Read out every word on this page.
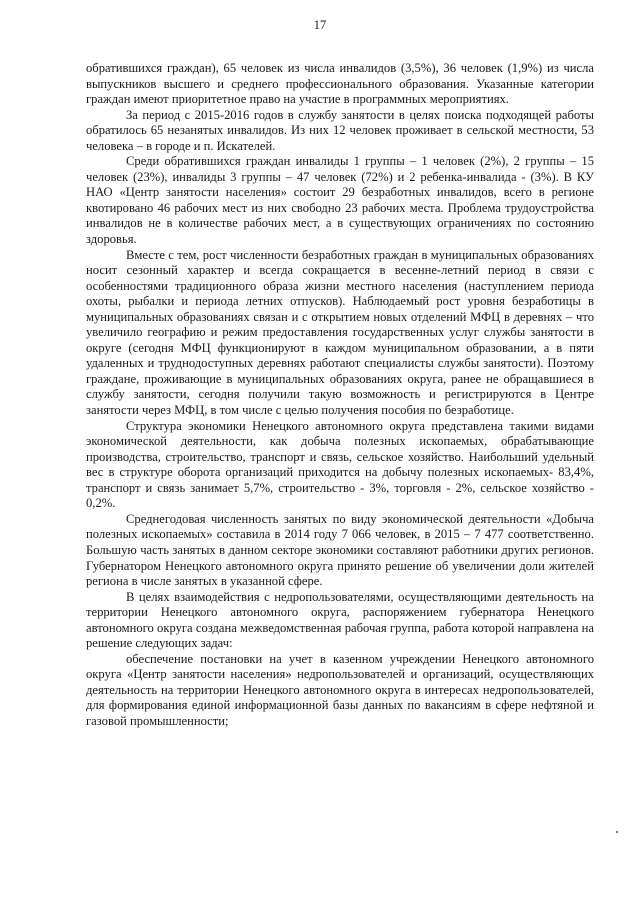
17

обратившихся граждан), 65 человек из числа инвалидов (3,5%), 36 человек (1,9%) из числа выпускников высшего и среднего профессионального образования. Указанные категории граждан имеют приоритетное право на участие в программных мероприятиях.

За период с 2015-2016 годов в службу занятости в целях поиска подходящей работы обратилось 65 незанятых инвалидов. Из них 12 человек проживает в сельской местности, 53 человека – в городе и п. Искателей.

Среди обратившихся граждан инвалиды 1 группы – 1 человек (2%), 2 группы – 15 человек (23%), инвалиды 3 группы – 47 человек (72%) и 2 ребенка-инвалида - (3%). В КУ НАО «Центр занятости населения» состоит 29 безработных инвалидов, всего в регионе квотировано 46 рабочих мест из них свободно 23 рабочих места. Проблема трудоустройства инвалидов не в количестве рабочих мест, а в существующих ограничениях по состоянию здоровья.

Вместе с тем, рост численности безработных граждан в муниципальных образованиях носит сезонный характер и всегда сокращается в весенне-летний период в связи с особенностями традиционного образа жизни местного населения (наступлением периода охоты, рыбалки и периода летних отпусков). Наблюдаемый рост уровня безработицы в муниципальных образованиях связан и с открытием новых отделений МФЦ в деревнях – что увеличило географию и режим предоставления государственных услуг службы занятости в округе (сегодня МФЦ функционируют в каждом муниципальном образовании, а в пяти удаленных и труднодоступных деревнях работают специалисты службы занятости). Поэтому граждане, проживающие в муниципальных образованиях округа, ранее не обращавшиеся в службу занятости, сегодня получили такую возможность и регистрируются в Центре занятости через МФЦ, в том числе с целью получения пособия по безработице.

Структура экономики Ненецкого автономного округа представлена такими видами экономической деятельности, как добыча полезных ископаемых, обрабатывающие производства, строительство, транспорт и связь, сельское хозяйство. Наибольший удельный вес в структуре оборота организаций приходится на добычу полезных ископаемых- 83,4%, транспорт и связь занимает 5,7%, строительство - 3%, торговля - 2%, сельское хозяйство - 0,2%.

Среднегодовая численность занятых по виду экономической деятельности «Добыча полезных ископаемых» составила в 2014 году 7 066 человек, в 2015 – 7 477 соответственно. Большую часть занятых в данном секторе экономики составляют работники других регионов. Губернатором Ненецкого автономного округа принято решение об увеличении доли жителей региона в числе занятых в указанной сфере.

В целях взаимодействия с недропользователями, осуществляющими деятельность на территории Ненецкого автономного округа, распоряжением губернатора Ненецкого автономного округа создана межведомственная рабочая группа, работа которой направлена на решение следующих задач:

обеспечение постановки на учет в казенном учреждении Ненецкого автономного округа «Центр занятости населения» недропользователей и организаций, осуществляющих деятельность на территории Ненецкого автономного округа в интересах недропользователей, для формирования единой информационной базы данных по вакансиям в сфере нефтяной и газовой промышленности;
